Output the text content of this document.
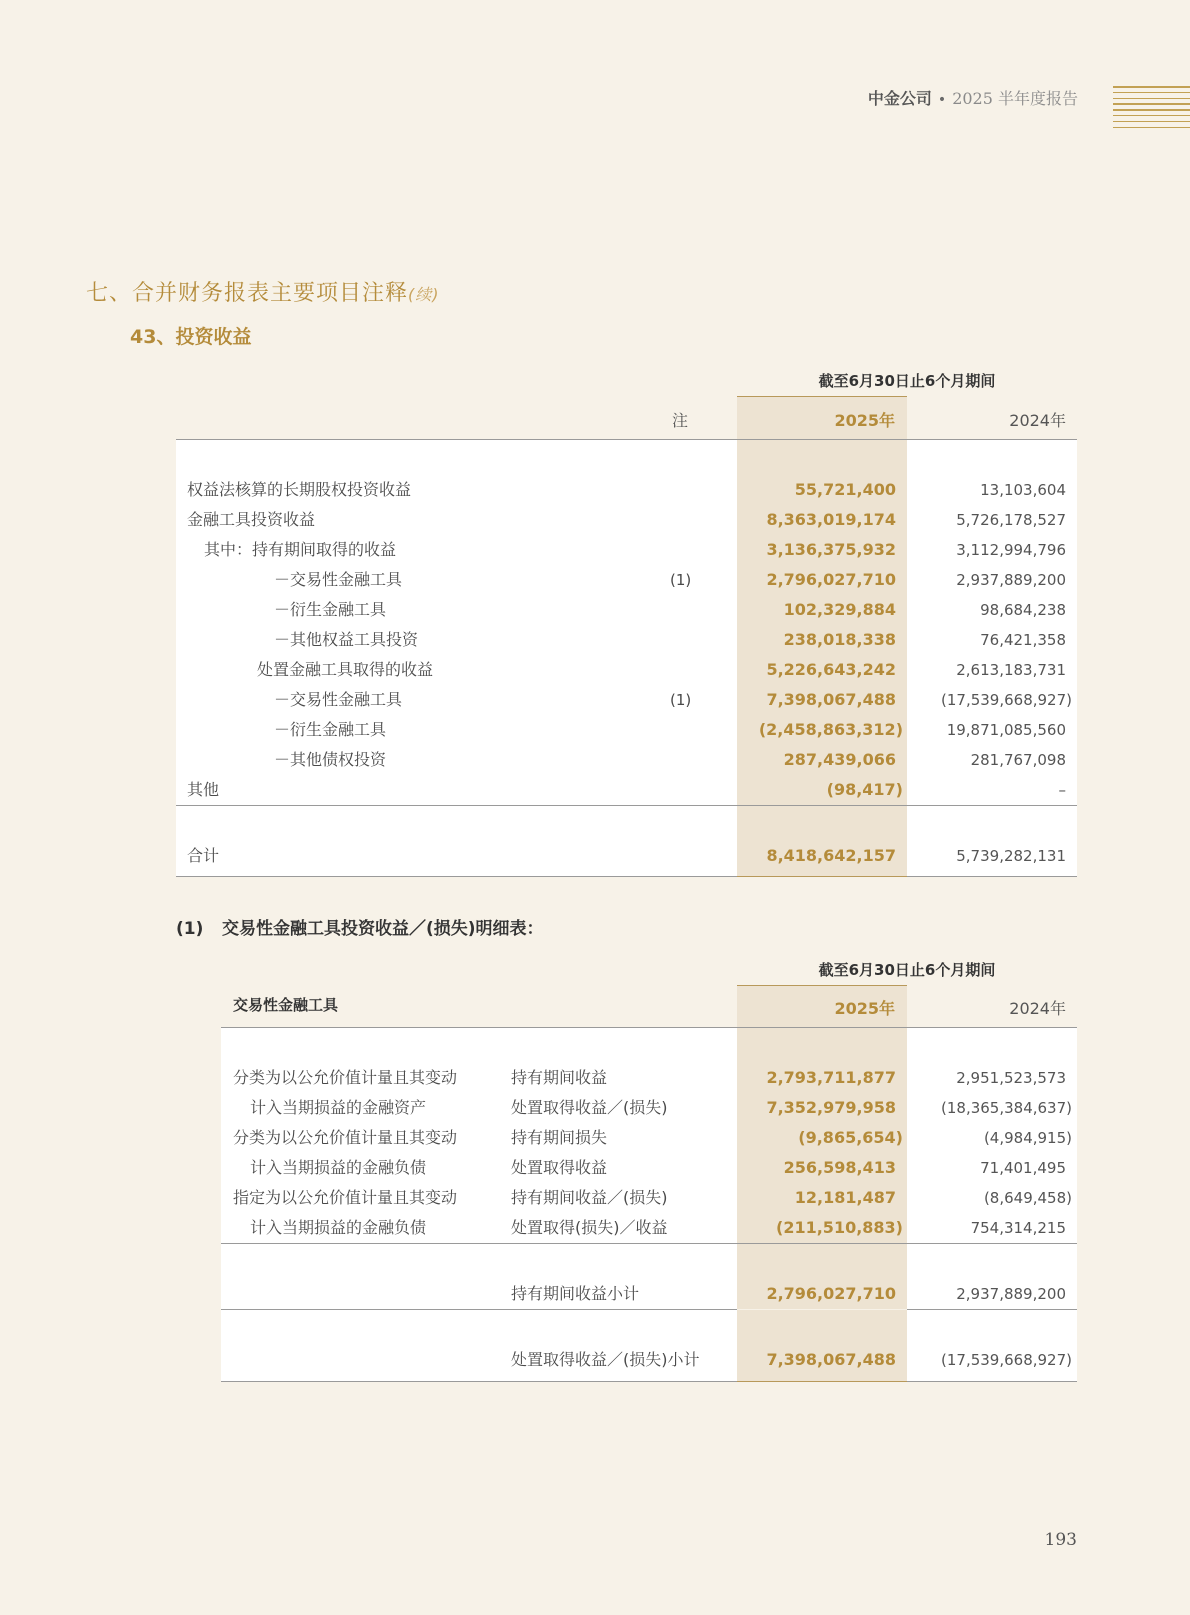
中金公司 • 2025 半年度报告
七、合并财务报表主要项目注释(续)
43、投资收益
截至6月30日止6个月期间
注	2025年	2024年
权益法核算的长期股权投资收益	55,721,400	13,103,604
金融工具投资收益	8,363,019,174	5,726,178,527
其中：持有期间取得的收益	3,136,375,932	3,112,994,796
－交易性金融工具	(1)	2,796,027,710	2,937,889,200
－衍生金融工具	102,329,884	98,684,238
－其他权益工具投资	238,018,338	76,421,358
处置金融工具取得的收益	5,226,643,242	2,613,183,731
－交易性金融工具	(1)	7,398,067,488	(17,539,668,927)
－衍生金融工具	(2,458,863,312)	19,871,085,560
－其他债权投资	287,439,066	281,767,098
其他	(98,417)	–
合计	8,418,642,157	5,739,282,131
(1) 交易性金融工具投资收益／(损失)明细表：
截至6月30日止6个月期间
交易性金融工具	2025年	2024年
分类为以公允价值计量且其变动	持有期间收益	2,793,711,877	2,951,523,573
计入当期损益的金融资产	处置取得收益／(损失)	7,352,979,958	(18,365,384,637)
分类为以公允价值计量且其变动	持有期间损失	(9,865,654)	(4,984,915)
计入当期损益的金融负债	处置取得收益	256,598,413	71,401,495
指定为以公允价值计量且其变动	持有期间收益／(损失)	12,181,487	(8,649,458)
计入当期损益的金融负债	处置取得(损失)／收益	(211,510,883)	754,314,215
持有期间收益小计	2,796,027,710	2,937,889,200
处置取得收益／(损失)小计	7,398,067,488	(17,539,668,927)
193
